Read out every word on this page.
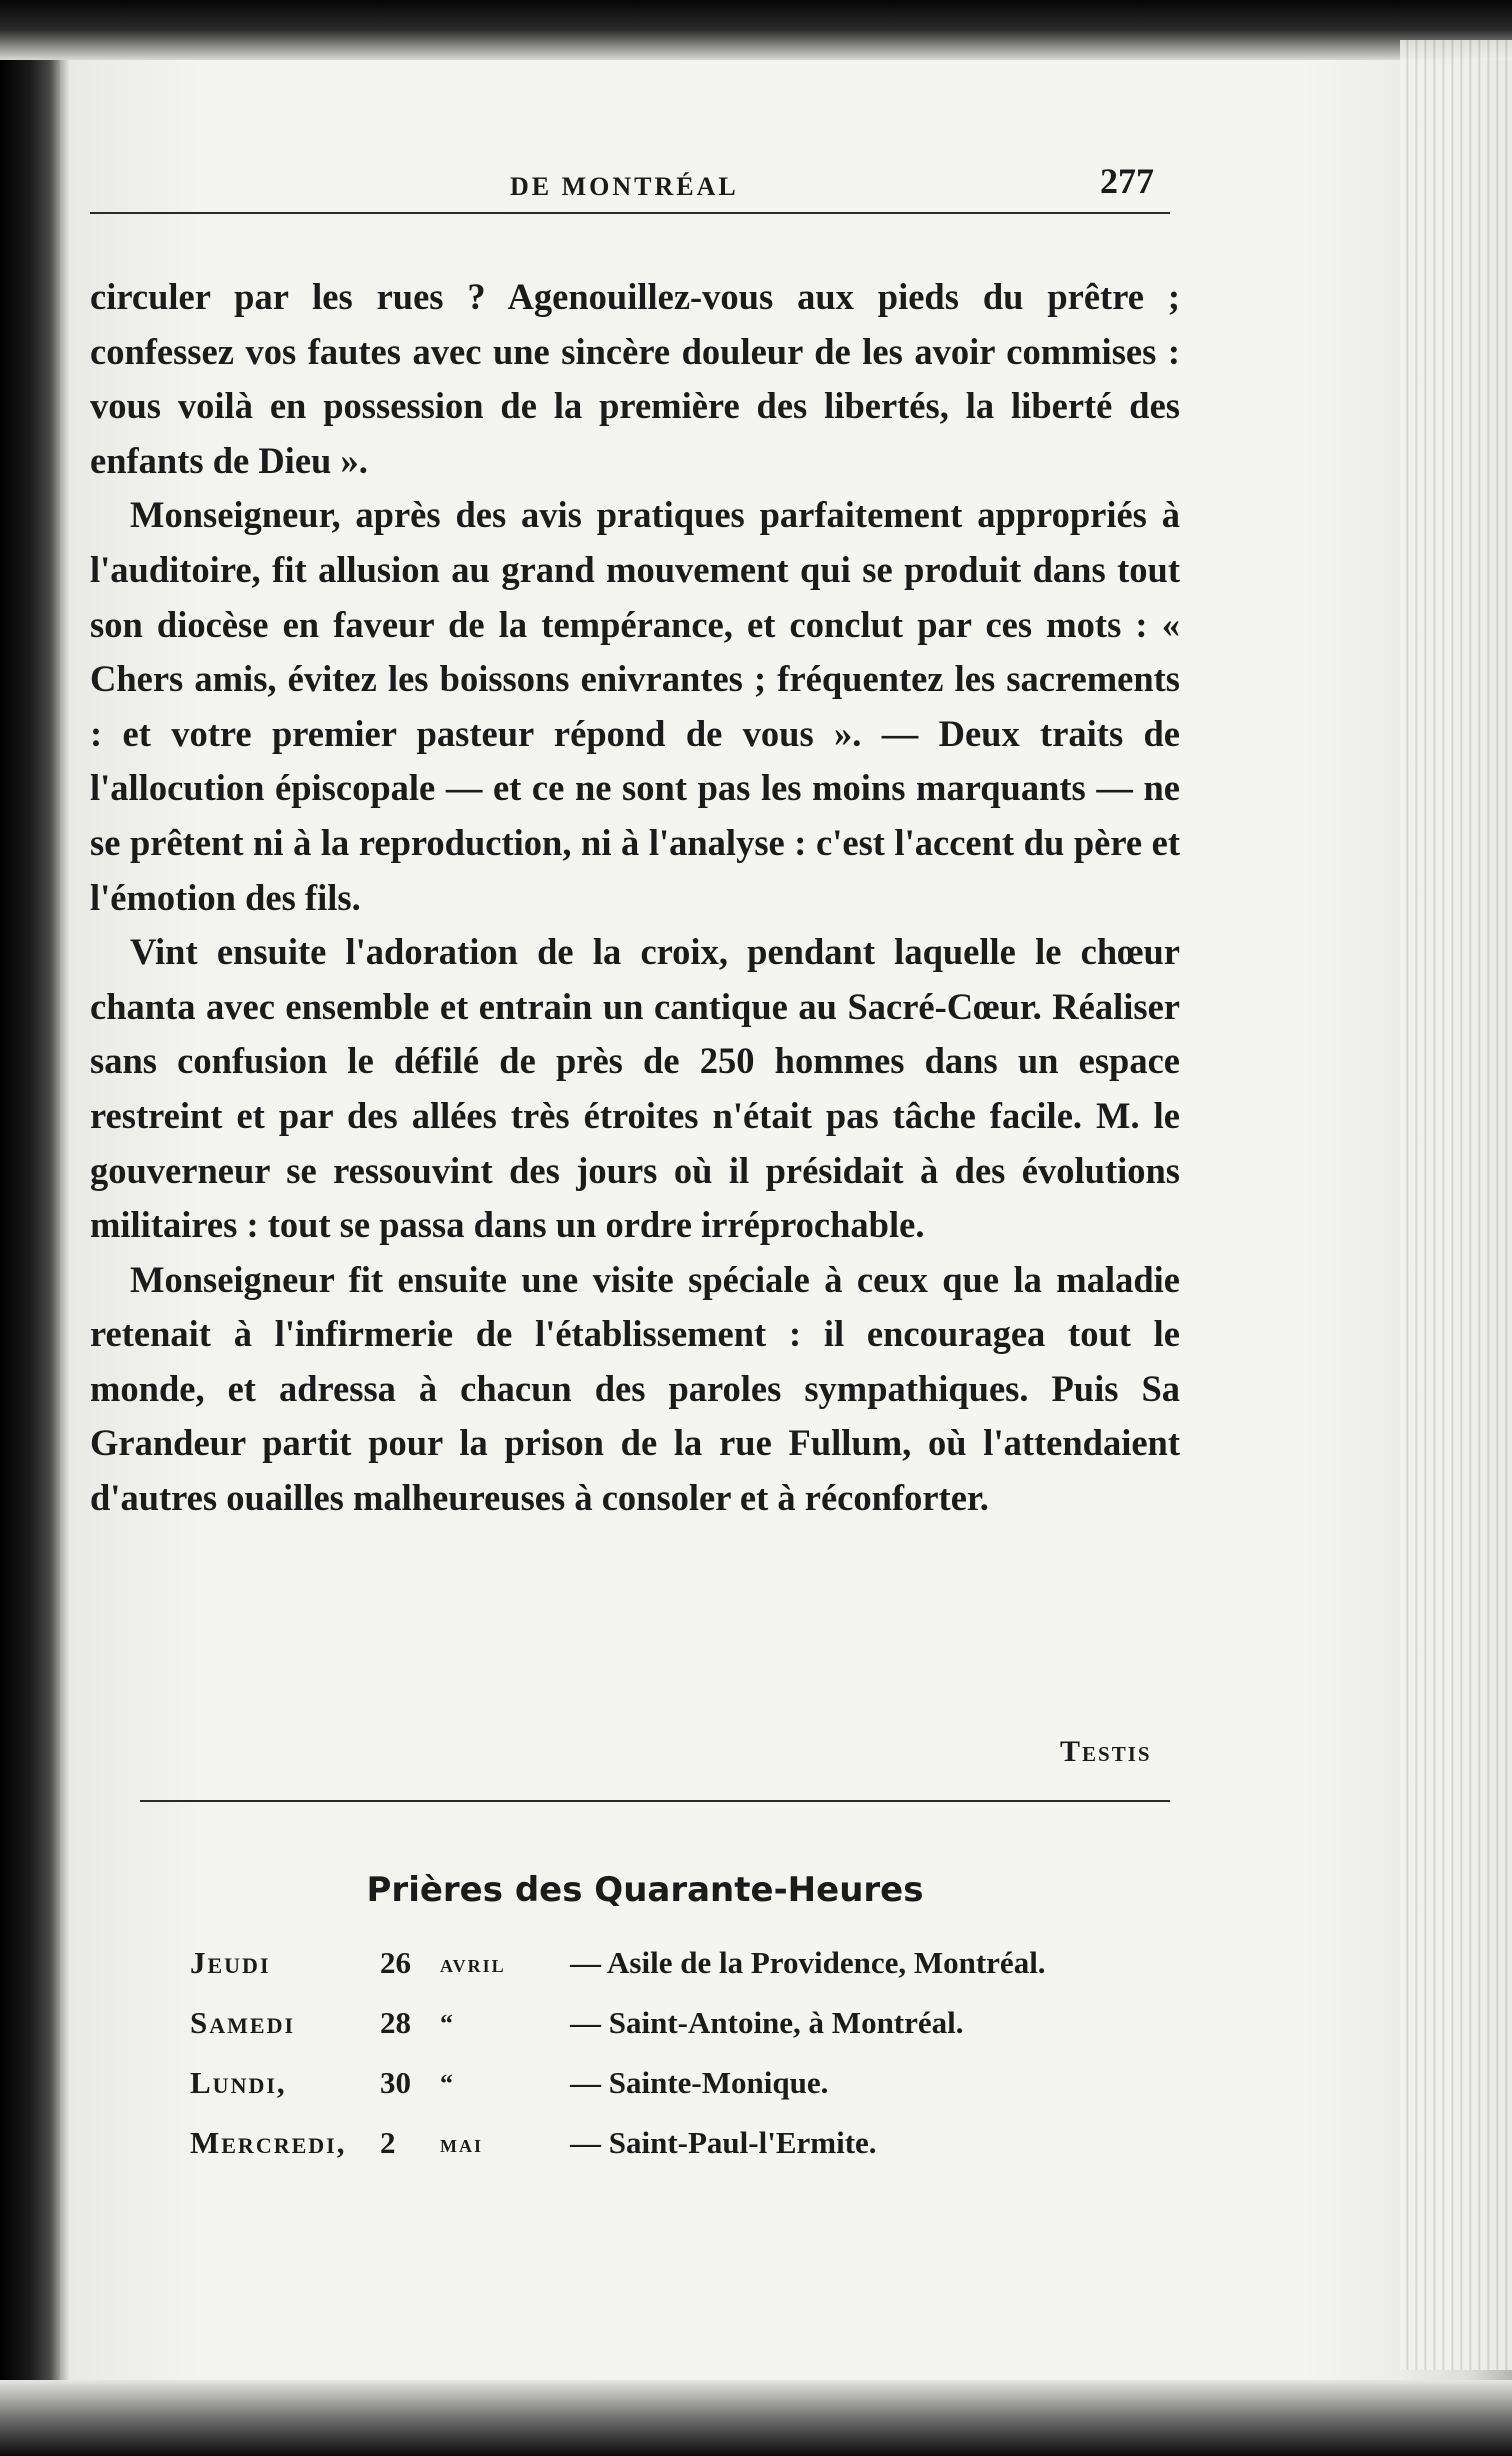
DE MONTRÉAL	277

circuler par les rues ? Agenouillez-vous aux pieds du prêtre ; confessez vos fautes avec une sincère douleur de les avoir commises : vous voilà en possession de la première des libertés, la liberté des enfants de Dieu ».

Monseigneur, après des avis pratiques parfaitement appropriés à l'auditoire, fit allusion au grand mouvement qui se produit dans tout son diocèse en faveur de la tempérance, et conclut par ces mots : « Chers amis, évitez les boissons enivrantes ; fréquentez les sacrements : et votre premier pasteur répond de vous ». — Deux traits de l'allocution épiscopale — et ce ne sont pas les moins marquants — ne se prêtent ni à la reproduction, ni à l'analyse : c'est l'accent du père et l'émotion des fils.

Vint ensuite l'adoration de la croix, pendant laquelle le chœur chanta avec ensemble et entrain un cantique au Sacré-Cœur. Réaliser sans confusion le défilé de près de 250 hommes dans un espace restreint et par des allées très étroites n'était pas tâche facile. M. le gouverneur se ressouvint des jours où il présidait à des évolutions militaires : tout se passa dans un ordre irréprochable.

Monseigneur fit ensuite une visite spéciale à ceux que la maladie retenait à l'infirmerie de l'établissement : il encouragea tout le monde, et adressa à chacun des paroles sympathiques. Puis Sa Grandeur partit pour la prison de la rue Fullum, où l'attendaient d'autres ouailles malheureuses à consoler et à réconforter.

Testis
Prières des Quarante-Heures
Jeudi	26 avril — Asile de la Providence, Montréal.
Samedi	28 “	— Saint-Antoine, à Montréal.
Lundi,	30 “	— Sainte-Monique.
Mercredi, 2 mai	— Saint-Paul-l'Ermite.
